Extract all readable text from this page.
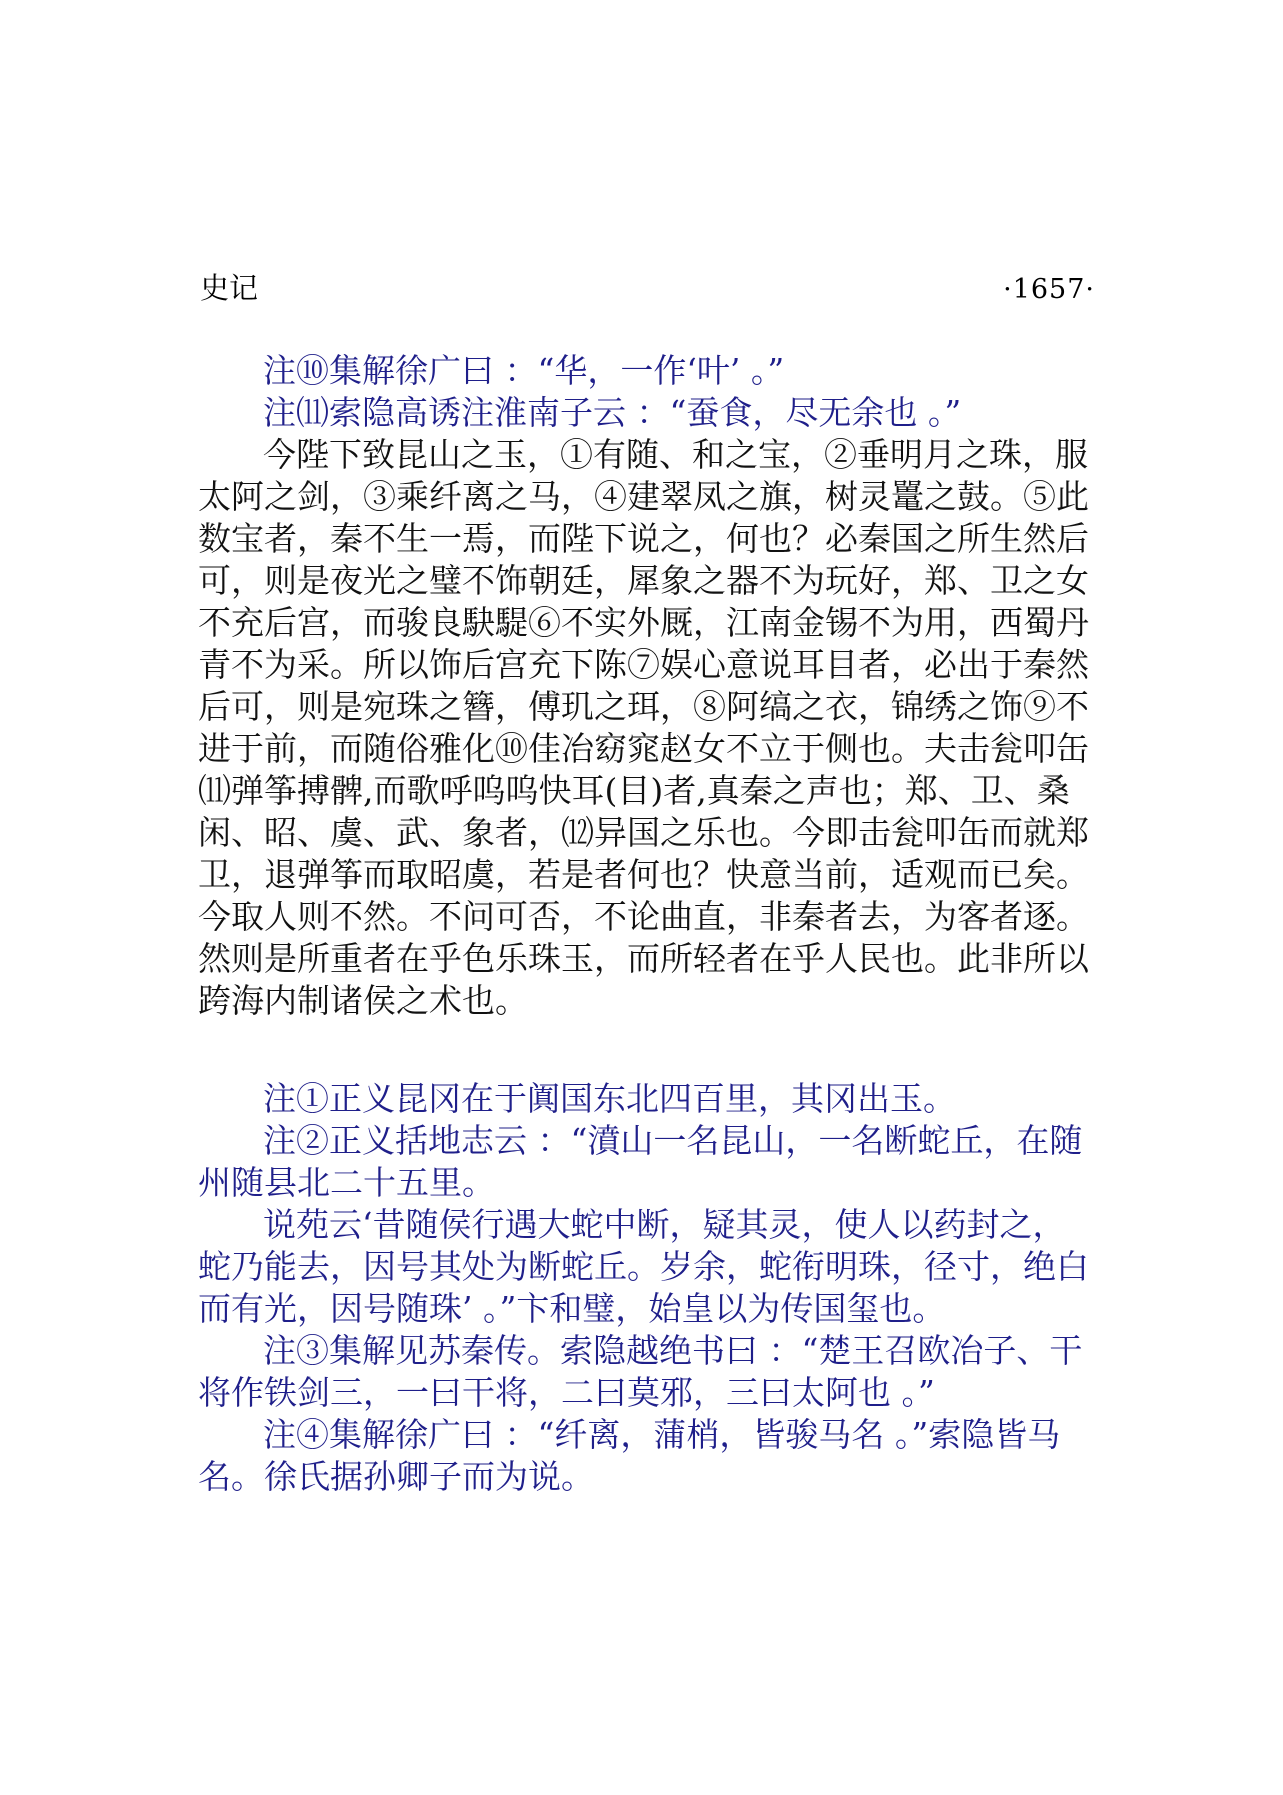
史记	·1657·
注⑩集解徐广曰 ：“华，一作‘叶’ 。”
注⑾索隐高诱注淮南子云 ：“蚕食，尽无余也 。”
今陛下致昆山之玉，①有随、和之宝，②垂明月之珠，服
太阿之剑，③乘纤离之马，④建翠凤之旗，树灵鼍之鼓。⑤此
数宝者，秦不生一焉，而陛下说之，何也？必秦国之所生然后
可，则是夜光之璧不饰朝廷，犀象之器不为玩好，郑、卫之女
不充后宫，而骏良駃騠⑥不实外厩，江南金锡不为用，西蜀丹
青不为采。所以饰后宫充下陈⑦娱心意说耳目者，必出于秦然
后可，则是宛珠之簪，傅玑之珥，⑧阿缟之衣，锦绣之饰⑨不
进于前，而随俗雅化⑩佳冶窈窕赵女不立于侧也。夫击瓮叩缶
⑾弹筝搏髀,而歌呼呜呜快耳(目)者,真秦之声也；郑、卫、桑
闲、昭、虞、武、象者，⑿异国之乐也。今即击瓮叩缶而就郑
卫，退弹筝而取昭虞，若是者何也？快意当前，适观而已矣。
今取人则不然。不问可否，不论曲直，非秦者去，为客者逐。
然则是所重者在乎色乐珠玉，而所轻者在乎人民也。此非所以
跨海内制诸侯之术也。
注①正义昆冈在于阗国东北四百里，其冈出玉。
注②正义括地志云 ：“濆山一名昆山，一名断蛇丘，在随
州随县北二十五里。
说苑云‘昔随侯行遇大蛇中断，疑其灵，使人以药封之，
蛇乃能去，因号其处为断蛇丘。岁余，蛇衔明珠，径寸，绝白
而有光，因号随珠’ 。”卞和璧，始皇以为传国玺也。
注③集解见苏秦传。索隐越绝书曰 ：“楚王召欧冶子、干
将作铁剑三，一曰干将，二曰莫邪，三曰太阿也 。”
注④集解徐广曰 ：“纤离，蒲梢，皆骏马名 。”索隐皆马
名。徐氏据孙卿子而为说。
